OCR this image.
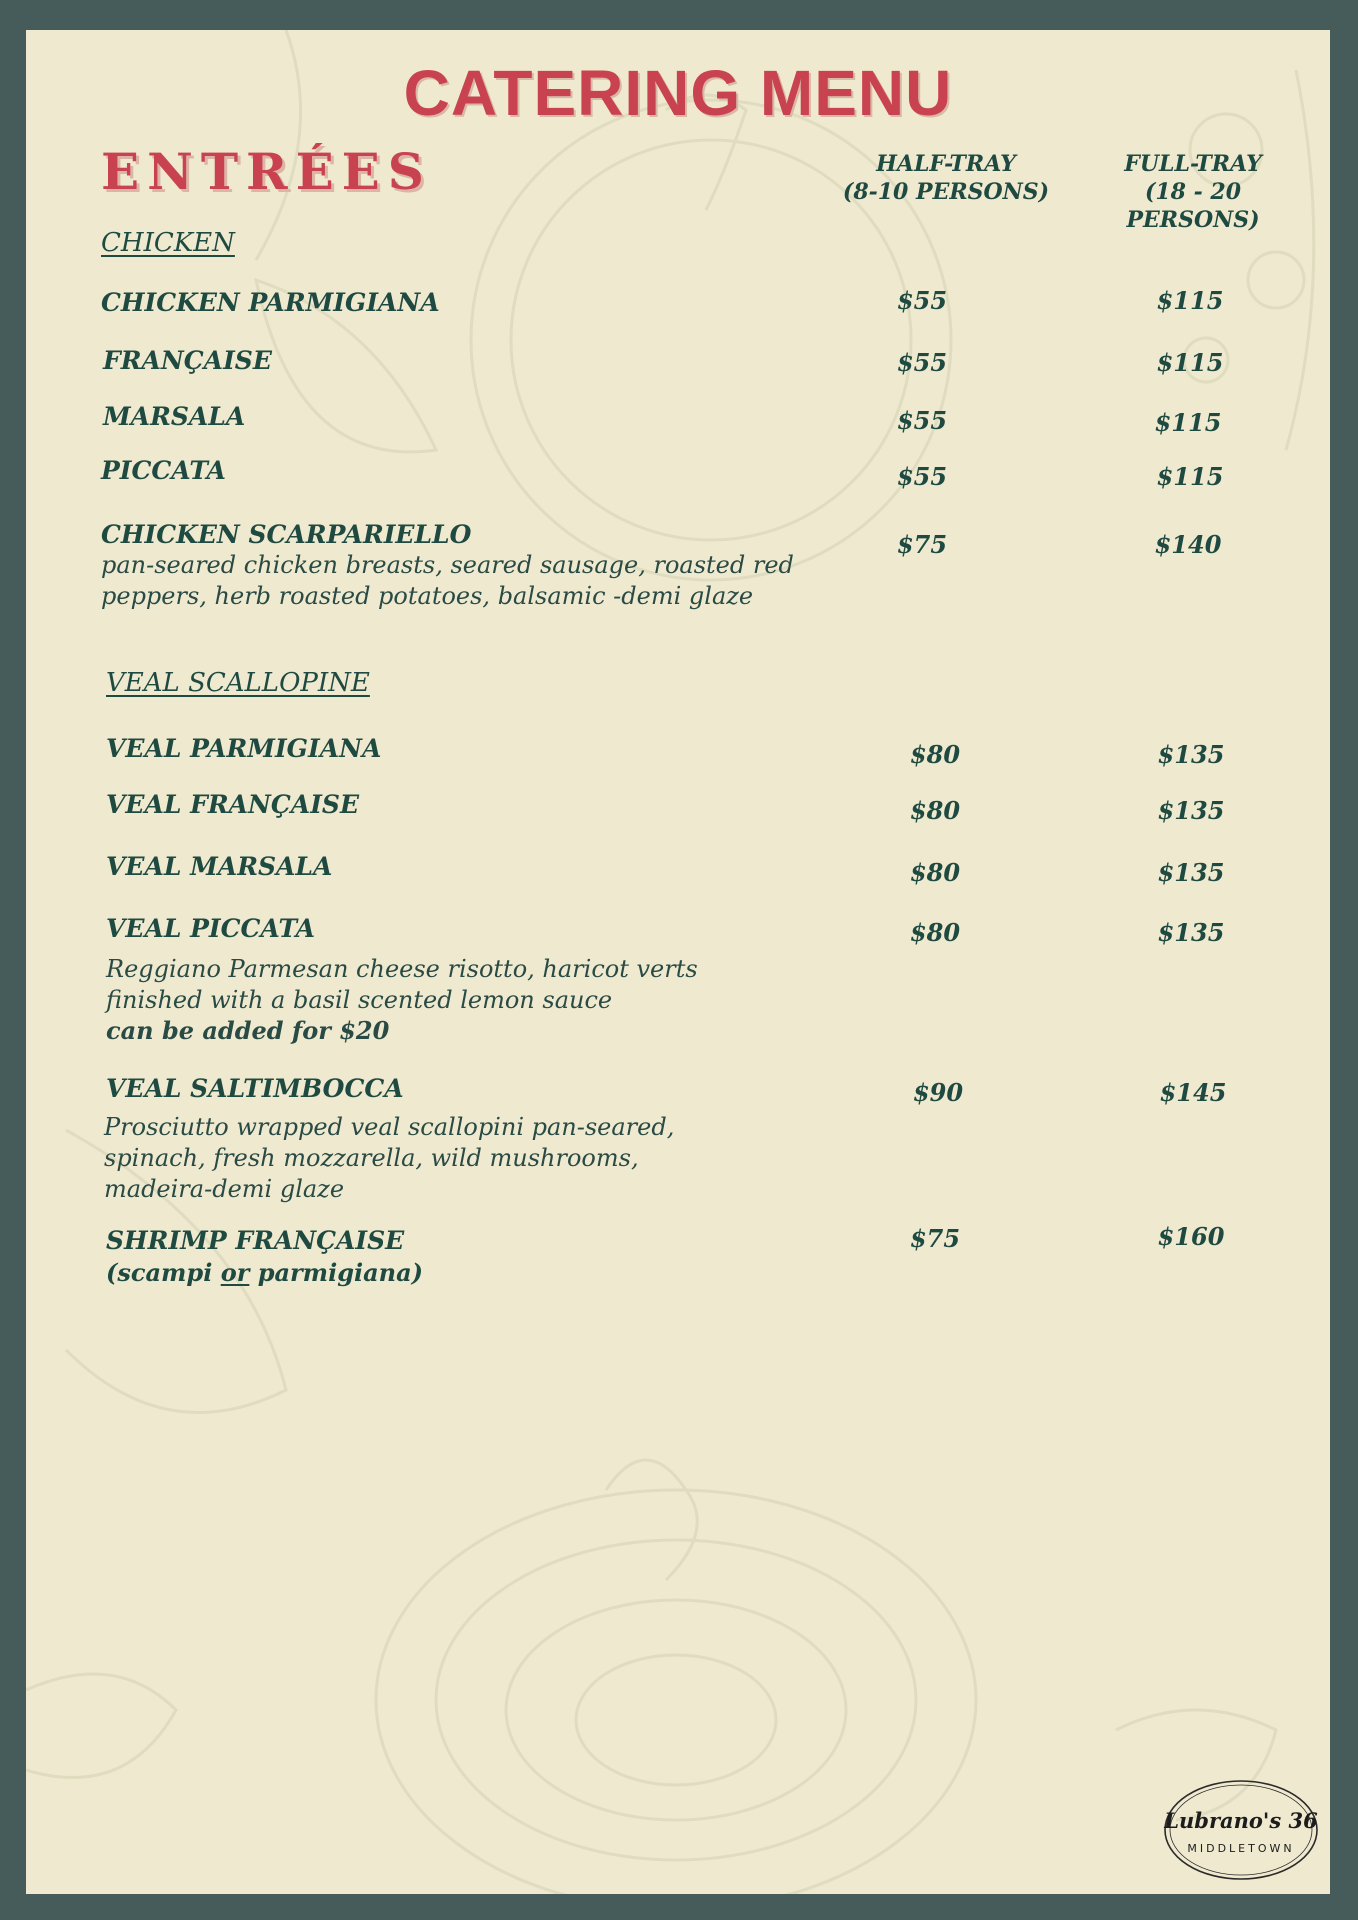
CATERING MENU
ENTRÉES	HALF-TRAY
(8-10 PERSONS)
FULL-TRAY
(18 - 20 PERSONS)
CHICKEN
CHICKEN PARMIGIANA	$55	$115
FRANÇAISE	$55	$115
MARSALA	$55	$115
PICCATA	$55	$115
CHICKEN SCARPARIELLO	$75	$140
pan-seared chicken breasts, seared sausage, roasted red
peppers, herb roasted potatoes, balsamic -demi glaze
VEAL SCALLOPINE
VEAL PARMIGIANA	$80	$135
VEAL FRANÇAISE	$80	$135
VEAL MARSALA	$80	$135
VEAL PICCATA	$80	$135
Reggiano Parmesan cheese risotto, haricot verts
finished with a basil scented lemon sauce
can be added for $20
VEAL SALTIMBOCCA	$90	$145
Prosciutto wrapped veal scallopini pan-seared,
spinach, fresh mozzarella, wild mushrooms,
madeira-demi glaze
SHRIMP FRANÇAISE	$75	$160
(scampi or parmigiana)
Lubrano's 36
MIDDLETOWN
